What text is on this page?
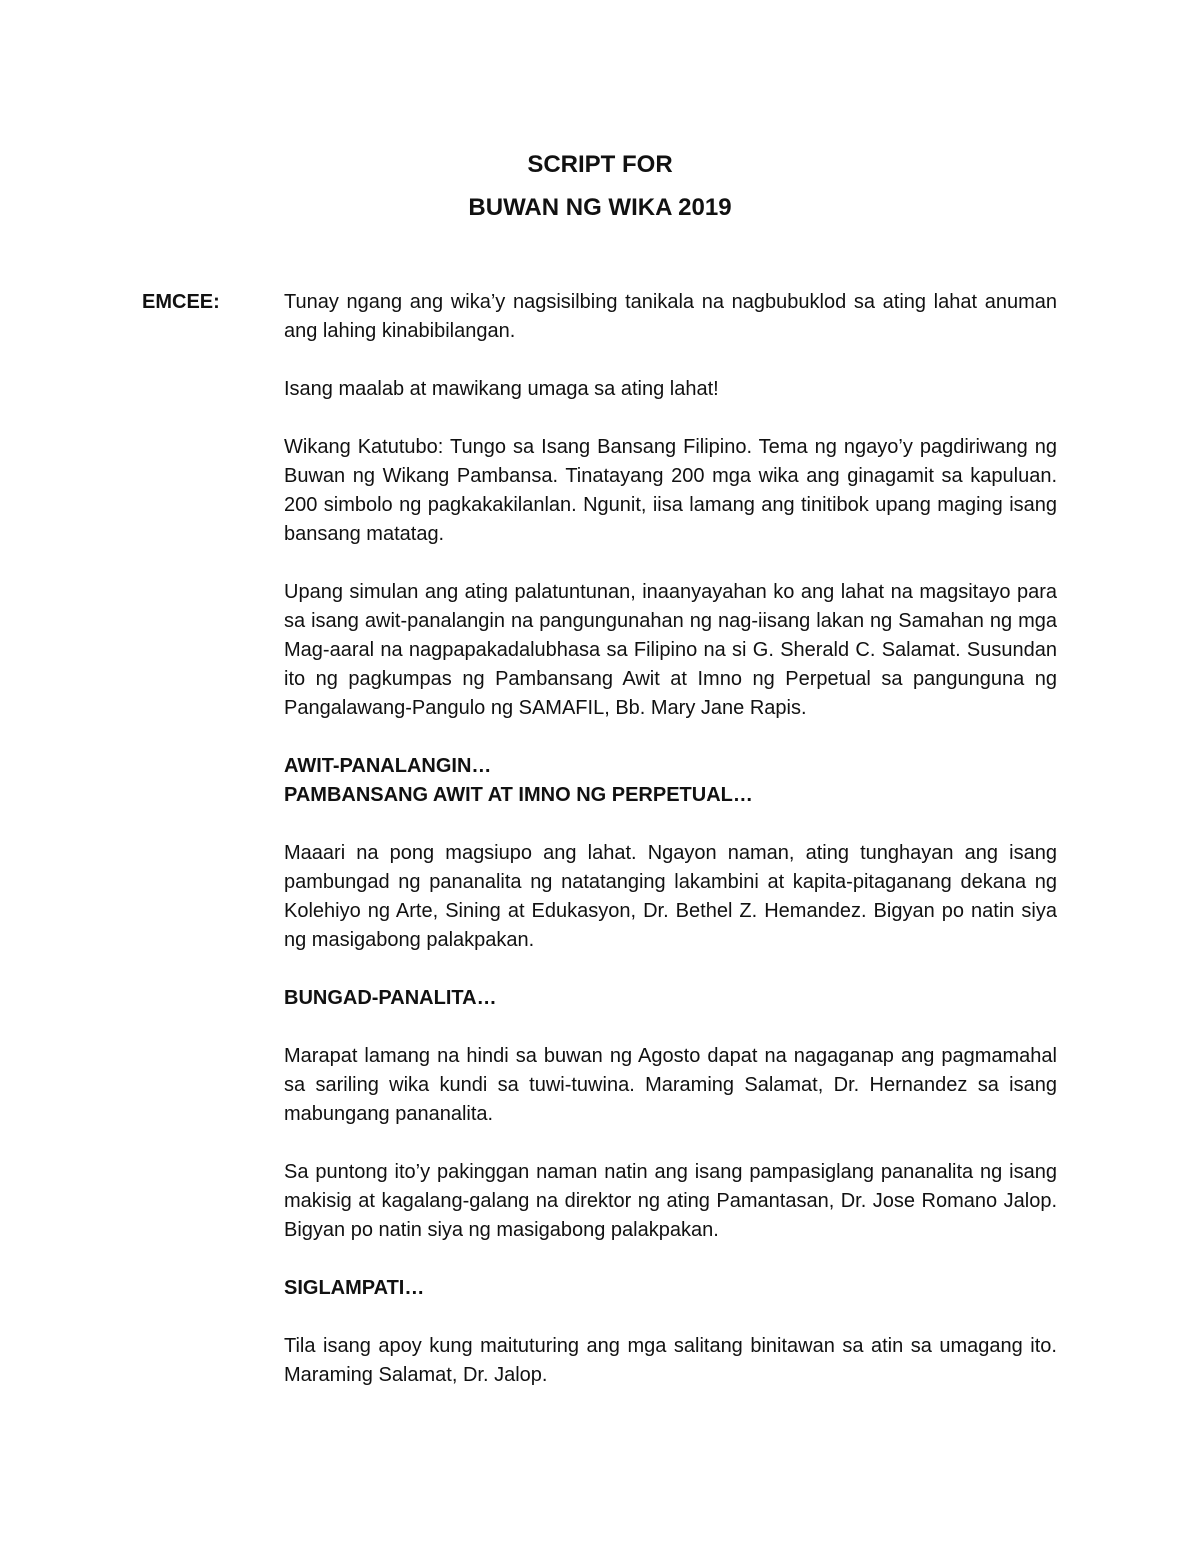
SCRIPT FOR
BUWAN NG WIKA 2019
EMCEE:	Tunay ngang ang wika’y nagsisilbing tanikala na nagbubuklod sa ating lahat anuman ang lahing kinabibilangan.

Isang maalab at mawikang umaga sa ating lahat!

Wikang Katutubo: Tungo sa Isang Bansang Filipino. Tema ng ngayo’y pagdiriwang ng Buwan ng Wikang Pambansa. Tinatayang 200 mga wika ang ginagamit sa kapuluan. 200 simbolo ng pagkakakilanlan. Ngunit, iisa lamang ang tinitibok upang maging isang bansang matatag.

Upang simulan ang ating palatuntunan, inaanyayahan ko ang lahat na magsitayo para sa isang awit-panalangin na pangungunahan ng nag-iisang lakan ng Samahan ng mga Mag-aaral na nagpapakadalubhasa sa Filipino na si G. Sherald C. Salamat. Susundan ito ng pagkumpas ng Pambansang Awit at Imno ng Perpetual sa pangunguna ng Pangalawang-Pangulo ng SAMAFIL, Bb. Mary Jane Rapis.

AWIT-PANALANGIN…
PAMBANSANG AWIT AT IMNO NG PERPETUAL…

Maaari na pong magsiupo ang lahat. Ngayon naman, ating tunghayan ang isang pambungad ng pananalita ng natatanging lakambini at kapita-pitaganang dekana ng Kolehiyo ng Arte, Sining at Edukasyon, Dr. Bethel Z. Hemandez. Bigyan po natin siya ng masigabong palakpakan.

BUNGAD-PANALITA…

Marapat lamang na hindi sa buwan ng Agosto dapat na nagaganap ang pagmamahal sa sariling wika kundi sa tuwi-tuwina. Maraming Salamat, Dr. Hernandez sa isang mabungang pananalita.

Sa puntong ito’y pakinggan naman natin ang isang pampasiglang pananalita ng isang makisig at kagalang-galang na direktor ng ating Pamantasan, Dr. Jose Romano Jalop. Bigyan po natin siya ng masigabong palakpakan.

SIGLAMPATI…

Tila isang apoy kung maituturing ang mga salitang binitawan sa atin sa umagang ito. Maraming Salamat, Dr. Jalop.
